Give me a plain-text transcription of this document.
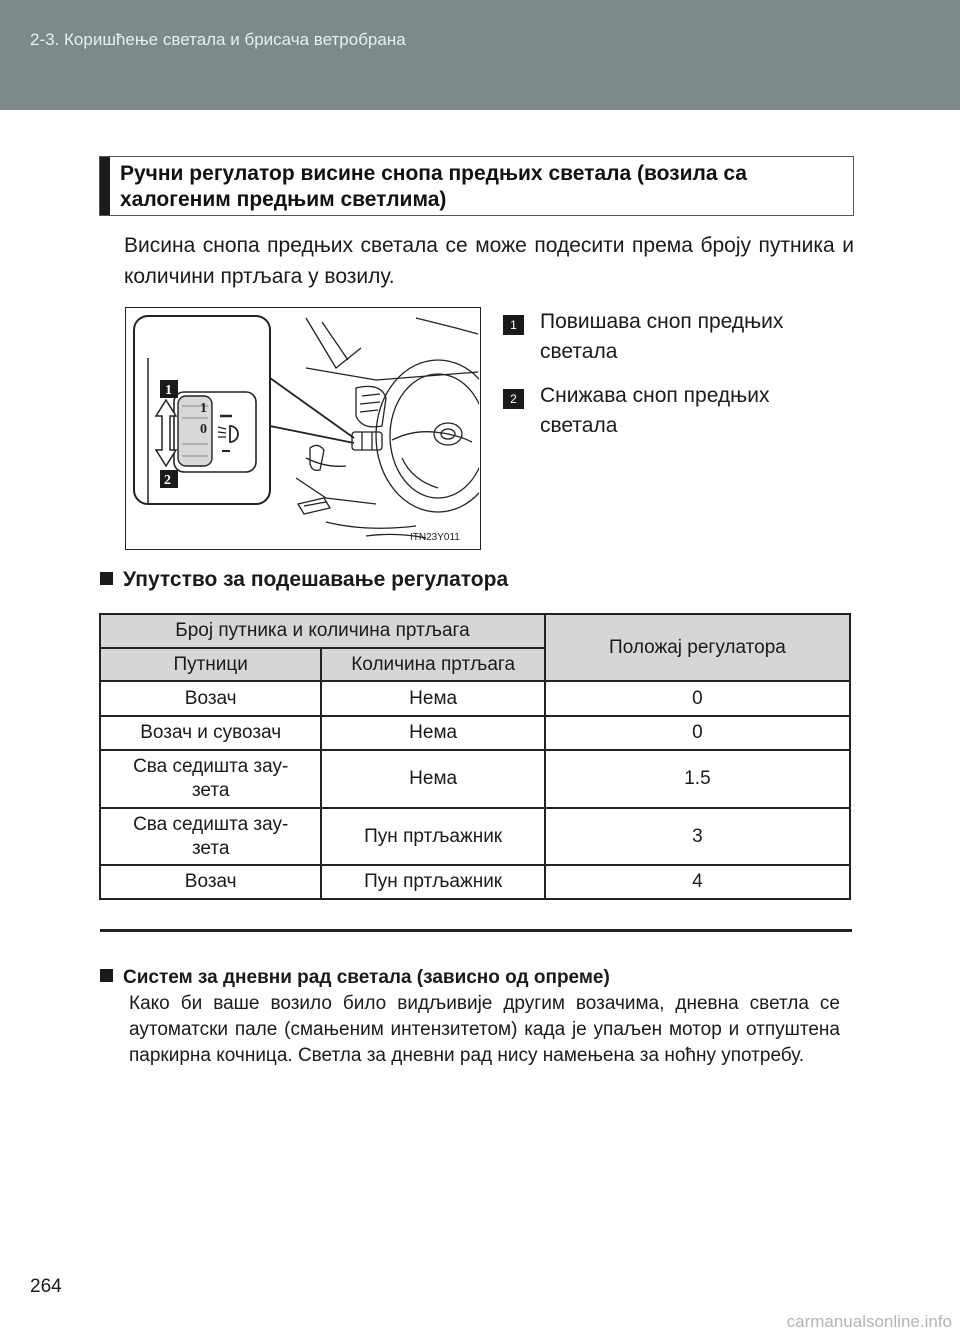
2-3. Коришћење светала и брисача ветробрана
Ручни регулатор висине снопа предњих светала (возила са халогеним предњим светлима)
Висина снопа предњих светала се може подесити према броју путника и количини пртљага у возилу.
1
0
1
2
ITN23Y011
1	Повишава сноп предњих светала
2	Снижава сноп предњих светала
Упутство за подешавање регулатора
Број путника и количина пртљага		Положај регулатора
Путници	Количина пртљага	
Возач	Нема	0
Возач и сувозач	Нема	0
Сва седишта зау-
зета	Нема	1.5
Сва седишта зау-
зета	Пун пртљажник	3
Возач	Пун пртљажник	4
Систем за дневни рад светала (зависно од опреме)
Како би ваше возило било видљивије другим возачима, дневна светла се аутоматски пале (смањеним интензитетом) када је упаљен мотор и отпуштена паркирна кочница. Светла за дневни рад нису намењена за ноћну употребу.
264
carmanualsonline.info
